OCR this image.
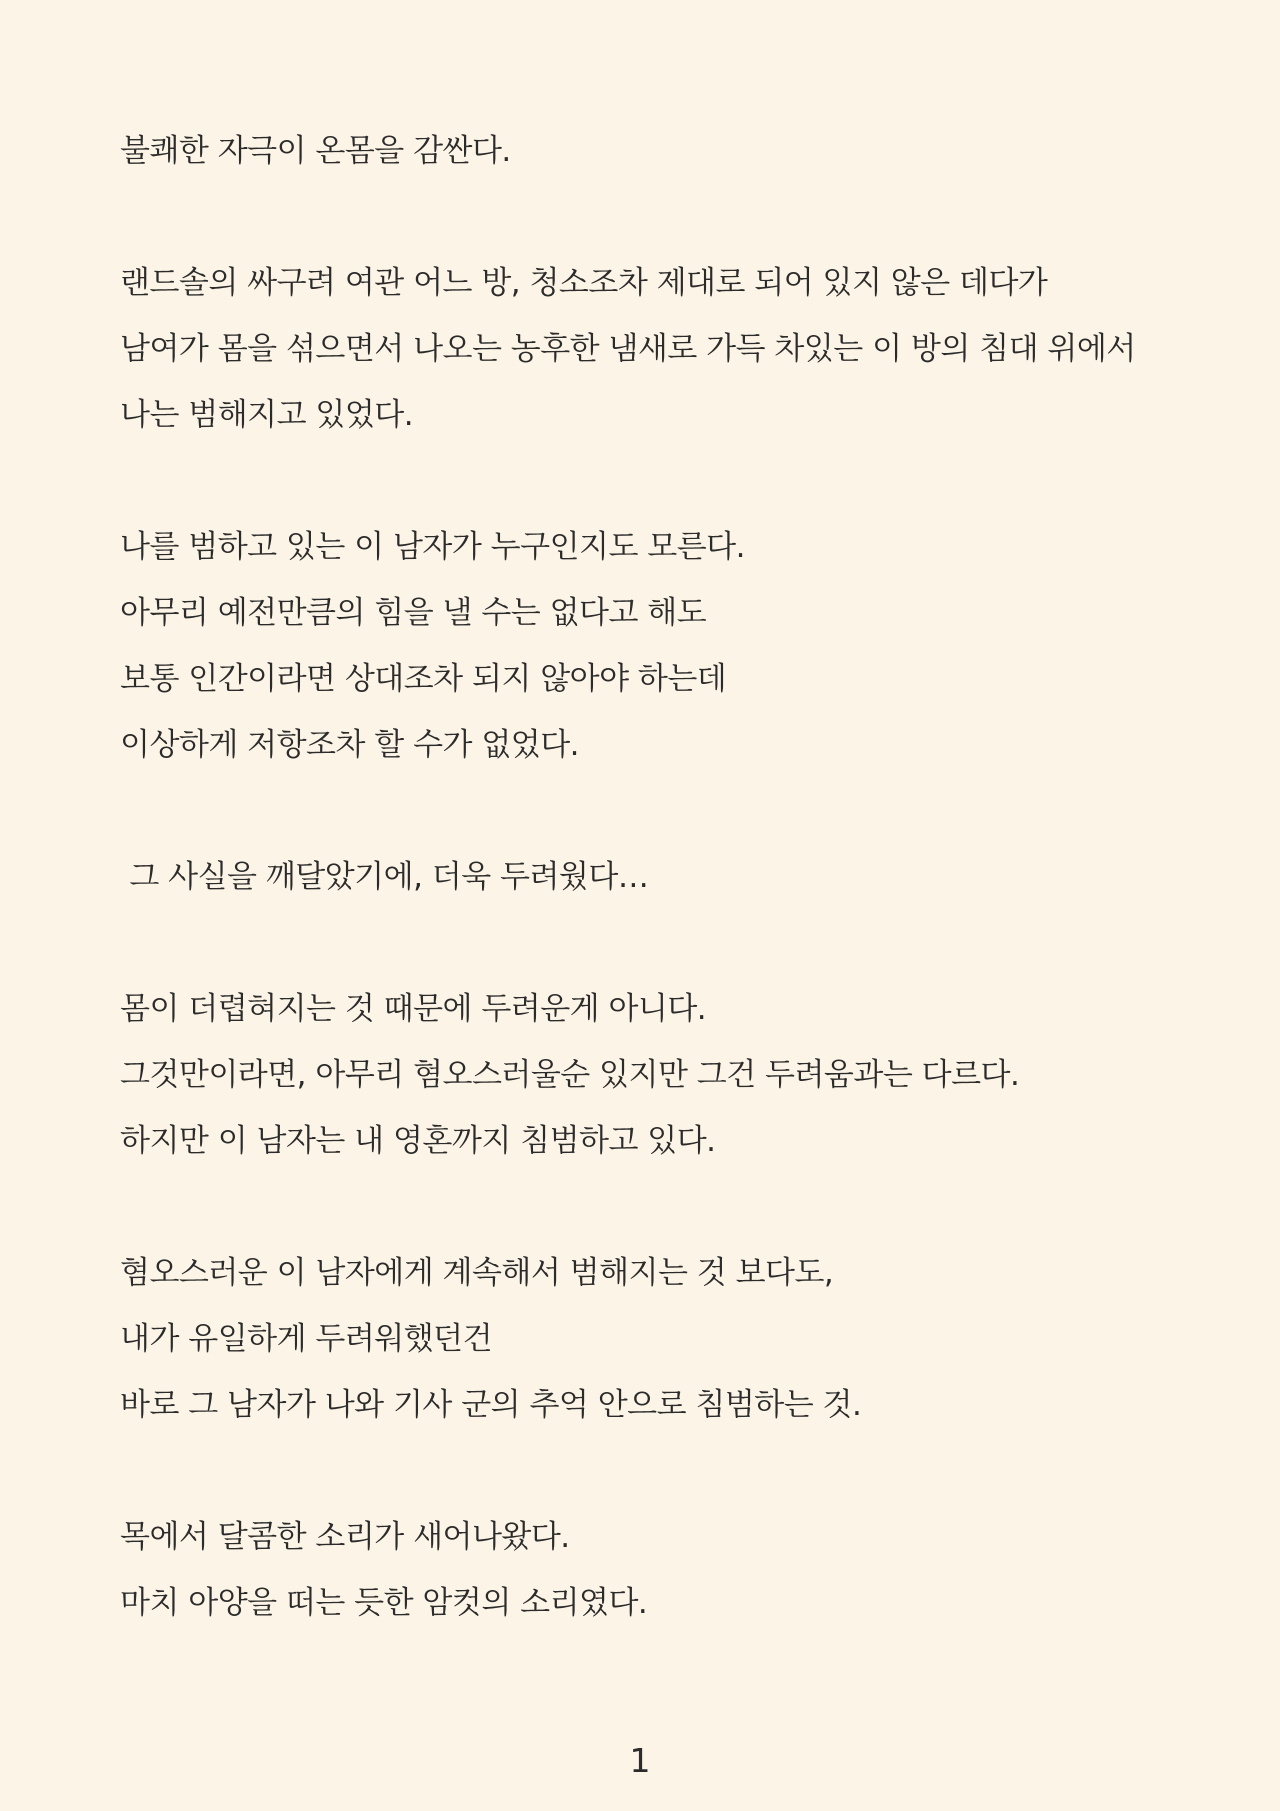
불쾌한 자극이 온몸을 감싼다.

랜드솔의 싸구려 여관 어느 방, 청소조차 제대로 되어 있지 않은 데다가
남여가 몸을 섞으면서 나오는 농후한 냄새로 가득 차있는 이 방의 침대 위에서
나는 범해지고 있었다.

나를 범하고 있는 이 남자가 누구인지도 모른다.
아무리 예전만큼의 힘을 낼 수는 없다고 해도
보통 인간이라면 상대조차 되지 않아야 하는데
이상하게 저항조차 할 수가 없었다.

그 사실을 깨달았기에, 더욱 두려웠다…

몸이 더렵혀지는 것 때문에 두려운게 아니다.
그것만이라면, 아무리 혐오스러울순 있지만 그건 두려움과는 다르다.
하지만 이 남자는 내 영혼까지 침범하고 있다.

혐오스러운 이 남자에게 계속해서 범해지는 것 보다도,
내가 유일하게 두려워했던건
바로 그 남자가 나와 기사 군의 추억 안으로 침범하는 것.

목에서 달콤한 소리가 새어나왔다.
마치 아양을 떠는 듯한 암컷의 소리였다.

1
